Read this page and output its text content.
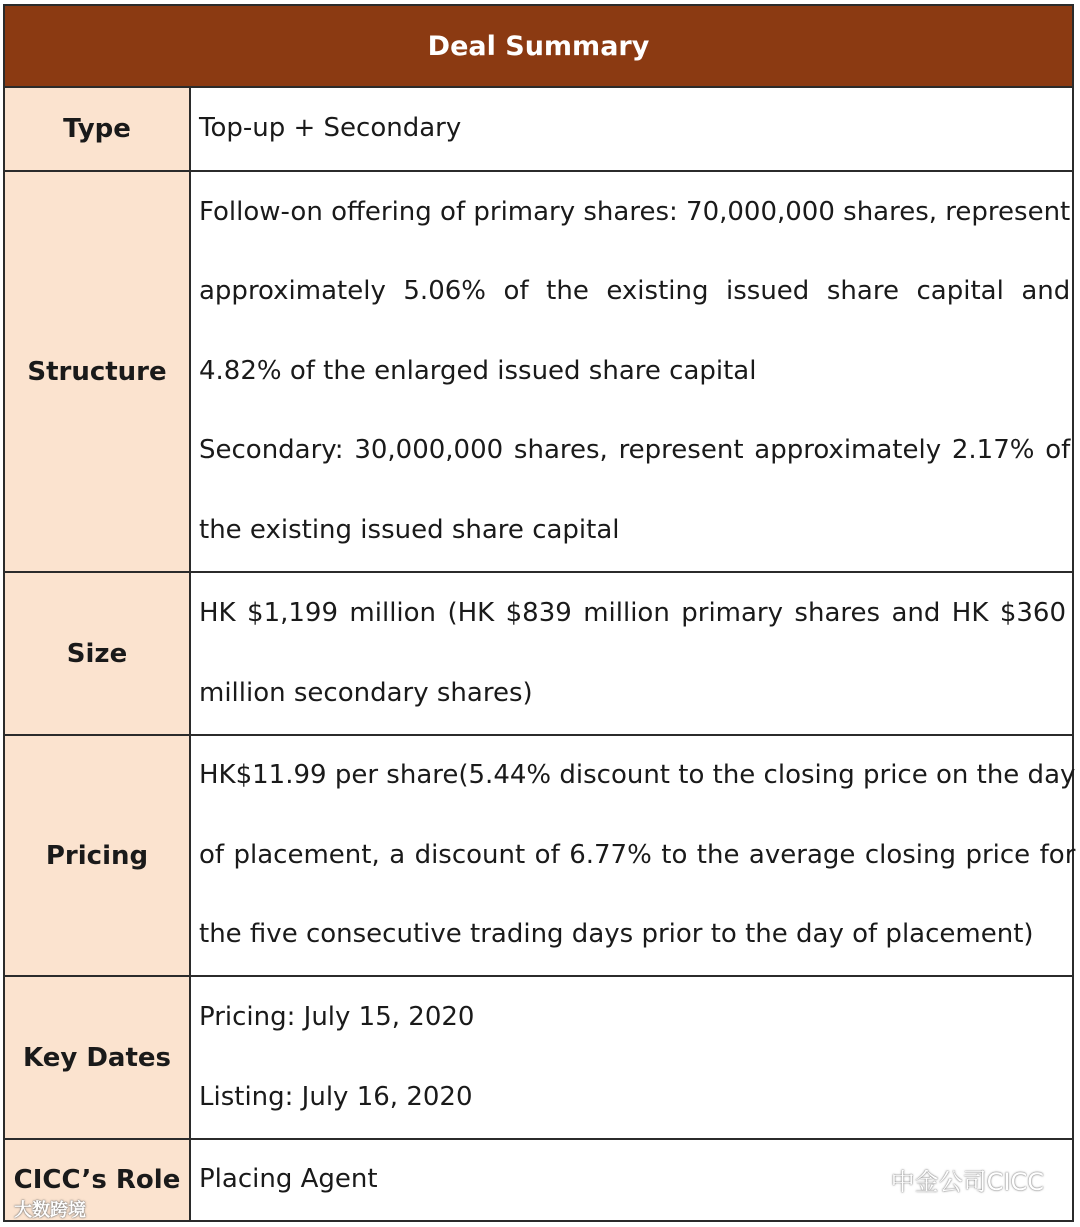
Deal Summary
Type	Top-up + Secondary
Structure
Follow-on offering of primary shares: 70,000,000 shares, represent
approximately 5.06% of the existing issued share capital and
4.82% of the enlarged issued share capital
Secondary: 30,000,000 shares, represent approximately 2.17% of
the existing issued share capital
Size
HK $1,199 million (HK $839 million primary shares and HK $360
million secondary shares)
Pricing
HK$11.99 per share(5.44% discount to the closing price on the day
of placement, a discount of 6.77% to the average closing price for
the five consecutive trading days prior to the day of placement)
Key Dates
Pricing: July 15, 2020
Listing: July 16, 2020
CICC’s Role Placing Agent
大数跨境
中金公司CICC
